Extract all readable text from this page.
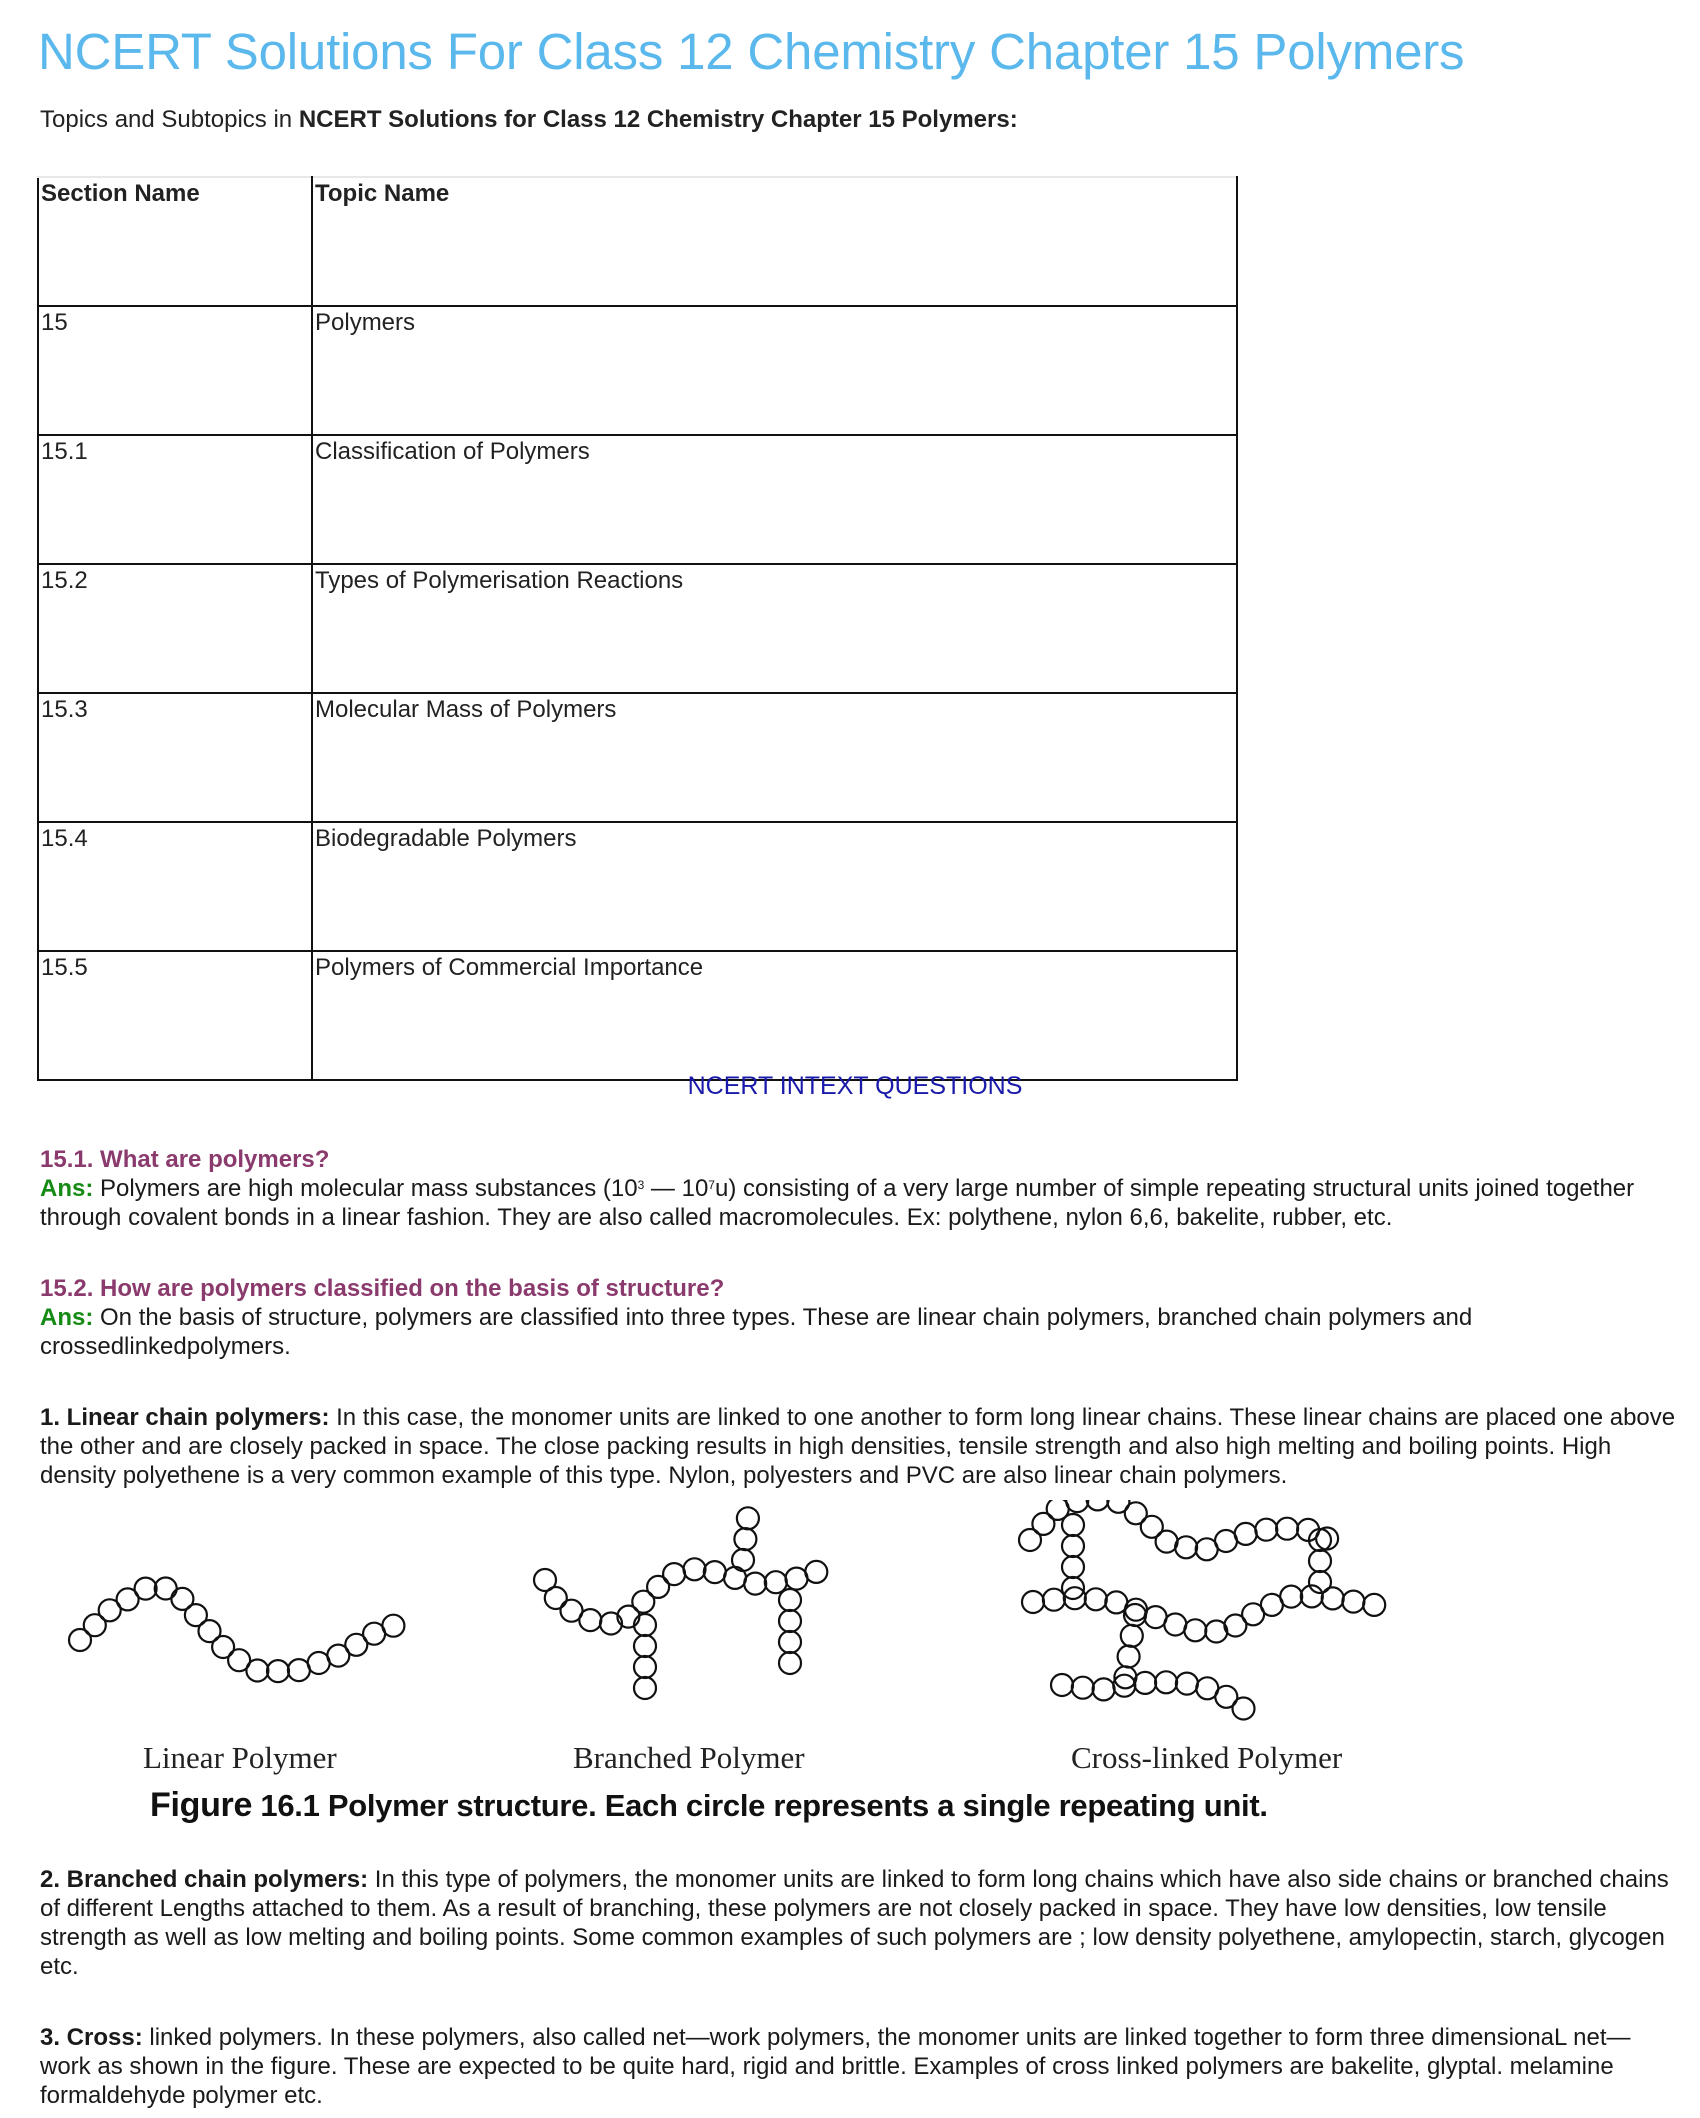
NCERT Solutions For Class 12 Chemistry Chapter 15 Polymers
Topics and Subtopics in NCERT Solutions for Class 12 Chemistry Chapter 15 Polymers:
Section Name	Topic Name
15	Polymers
15.1	Classification of Polymers
15.2	Types of Polymerisation Reactions
15.3	Molecular Mass of Polymers
15.4	Biodegradable Polymers
15.5	Polymers of Commercial Importance
NCERT INTEXT QUESTIONS
15.1. What are polymers?
Ans: Polymers are high molecular mass substances ($10^3$ — $10^7u$) consisting of a very large number of simple repeating structural units joined together through covalent bonds in a linear fashion. They are also called macromolecules. Ex: polythene, nylon 6,6, bakelite, rubber, etc.
15.2. How are polymers classified on the basis of structure?
Ans: On the basis of structure, polymers are classified into three types. These are linear chain polymers, branched chain polymers and crossedlinkedpolymers.
1. Linear chain polymers: In this case, the monomer units are linked to one another to form long linear chains. These linear chains are placed one above the other and are closely packed in space. The close packing results in high densities, tensile strength and also high melting and boiling points. High density polyethene is a very common example of this type. Nylon, polyesters and PVC are also linear chain polymers.
Linear Polymer	Branched Polymer	Cross-linked Polymer
Figure 16.1 Polymer structure. Each circle represents a single repeating unit.
2. Branched chain polymers: In this type of polymers, the monomer units are linked to form long chains which have also side chains or branched chains of different Lengths attached to them. As a result of branching, these polymers are not closely packed in space. They have low densities, low tensile strength as well as low melting and boiling points. Some common examples of such polymers are ; low density polyethene, amylopectin, starch, glycogen etc.
3. Cross: linked polymers. In these polymers, also called net—work polymers, the monomer units are linked together to form three dimensionaL net—work as shown in the figure. These are expected to be quite hard, rigid and brittle. Examples of cross linked polymers are bakelite, glyptal. melamine formaldehyde polymer etc.
